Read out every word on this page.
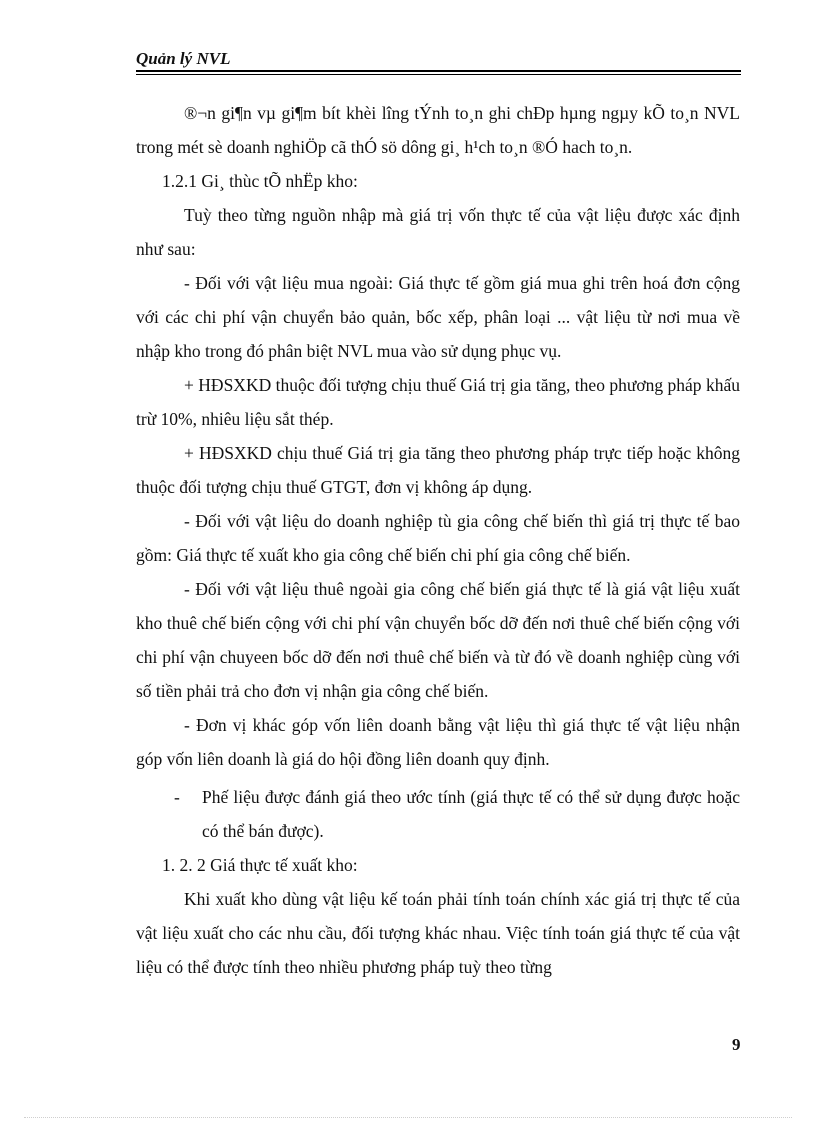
Quản lý NVL

®¬n gi¶n vµ gi¶m bít khèi lîng tÝnh to¸n ghi chÐp hµng ngµy kÕ to¸n NVL trong mét sè doanh nghiÖp cã thÓ sö dông gi¸ h¹ch to¸n ®Ó hach to¸n.

1.2.1 Gi¸ thùc tÕ nhËp kho:

Tuỳ theo từng nguồn nhập mà giá trị vốn thực tế của vật liệu được xác định như sau:

- Đối với vật liệu mua ngoài: Giá thực tế gồm giá mua ghi trên hoá đơn cộng với các chi phí vận chuyển bảo quản, bốc xếp, phân loại ... vật liệu từ nơi mua về nhập kho trong đó phân biệt NVL mua vào sử dụng phục vụ.

+ HĐSXKD thuộc đối tượng chịu thuế Giá trị gia tăng, theo phương pháp khấu trừ 10%, nhiêu liệu sắt thép.

+ HĐSXKD chịu thuế Giá trị gia tăng theo phương pháp trực tiếp hoặc không thuộc đối tượng chịu thuế GTGT, đơn vị không áp dụng.

- Đối với vật liệu do doanh nghiệp tù gia công chế biến thì giá trị thực tế bao gồm: Giá thực tế xuất kho gia công chế biến chi phí gia công chế biến.

- Đối với vật liệu thuê ngoài gia công chế biến giá thực tế là giá vật liệu xuất kho thuê chế biến cộng với chi phí vận chuyển bốc dỡ đến nơi thuê chế biến cộng với chi phí vận chuyeen bốc dỡ đến nơi thuê chế biến và từ đó về doanh nghiệp cùng với số tiền phải trả cho đơn vị nhận gia công chế biến.

- Đơn vị khác góp vốn liên doanh bằng vật liệu thì giá thực tế vật liệu nhận góp vốn liên doanh là giá do hội đồng liên doanh quy định.

- Phế liệu được đánh giá theo ước tính (giá thực tế có thể sử dụng được hoặc có thể bán được).

1. 2. 2 Giá thực tế xuất kho:

Khi xuất kho dùng vật liệu kế toán phải tính toán chính xác giá trị thực tế của vật liệu xuất cho các nhu cầu, đối tượng khác nhau. Việc tính toán giá thực tế của vật liệu có thể được tính theo nhiều phương pháp tuỳ theo từng

9
